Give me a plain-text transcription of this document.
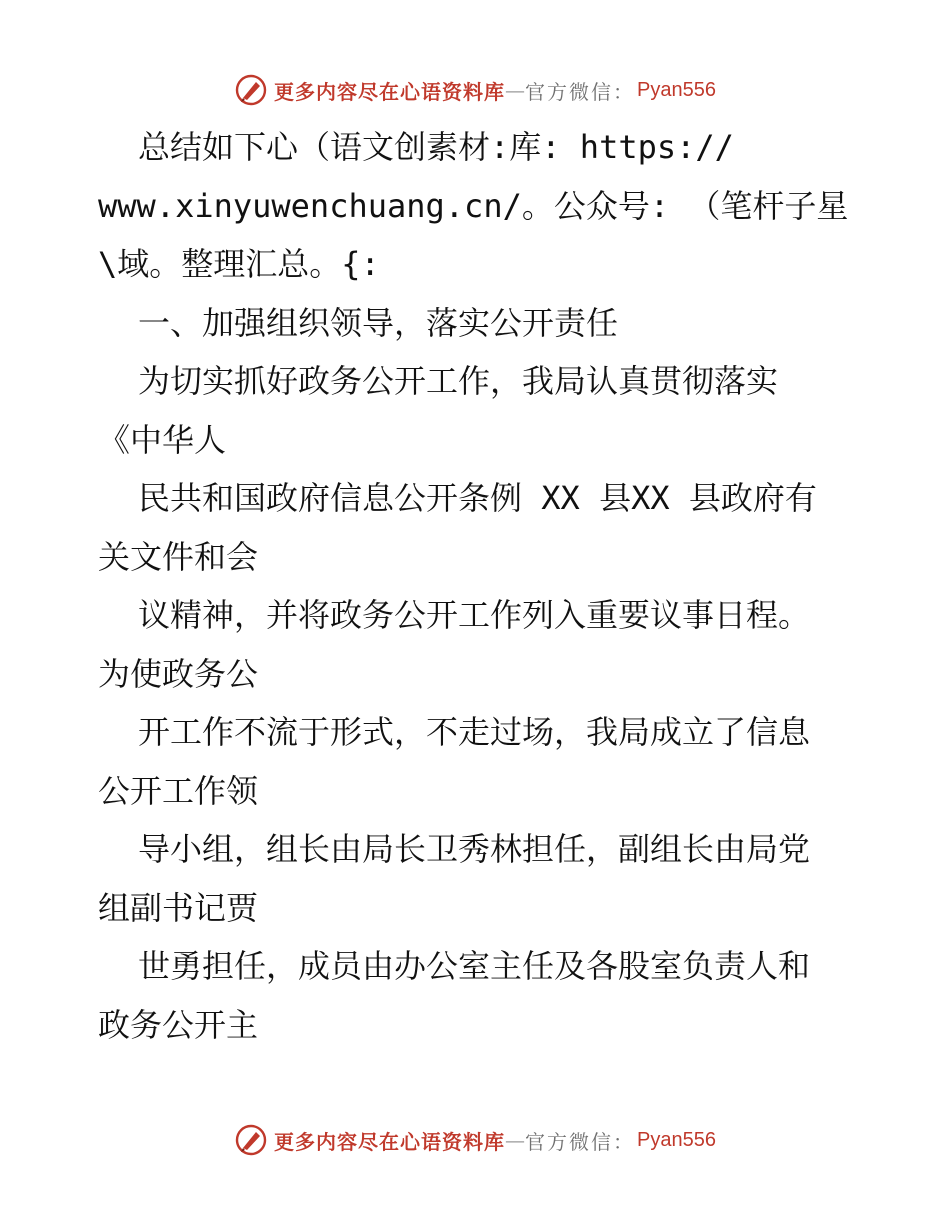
更多内容尽在心语资料库 — 官方微信： Pyan556

总结如下心（语文创素材:库: https://

www.xinyuwenchuang.cn/。公众号: （笔杆子星

\域。整理汇总。{:

一、加强组织领导，落实公开责任

为切实抓好政务公开工作，我局认真贯彻落实

《中华人

民共和国政府信息公开条例 XX 县XX 县政府有

关文件和会

议精神，并将政务公开工作列入重要议事日程。

为使政务公

开工作不流于形式，不走过场，我局成立了信息

公开工作领

导小组，组长由局长卫秀林担任，副组长由局党

组副书记贾

世勇担任，成员由办公室主任及各股室负责人和

政务公开主

更多内容尽在心语资料库 — 官方微信： Pyan556
